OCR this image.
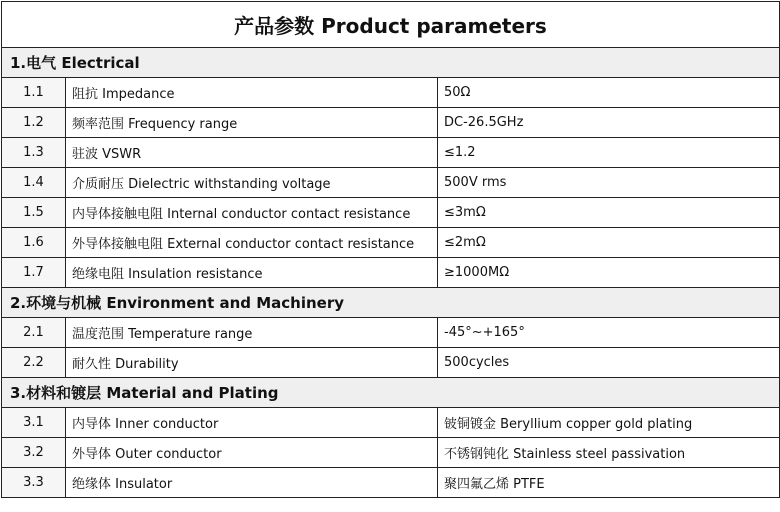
产品参数 Product parameters		
1.电气 Electrical		
1.1	阻抗 Impedance	50Ω
1.2	频率范围 Frequency range	DC-26.5GHz
1.3	驻波 VSWR	≤1.2
1.4	介质耐压 Dielectric withstanding voltage	500V rms
1.5	内导体接触电阻 Internal conductor contact resistance	≤3mΩ
1.6	外导体接触电阻 External conductor contact resistance	≤2mΩ
1.7	绝缘电阻 Insulation resistance	≥1000MΩ
2.环境与机械 Environment and Machinery		
2.1	温度范围 Temperature range	-45°~+165°
2.2	耐久性 Durability	500cycles
3.材料和镀层 Material and Plating		
3.1	内导体 Inner conductor	铍铜镀金 Beryllium copper gold plating
3.2	外导体 Outer conductor	不锈钢钝化 Stainless steel passivation
3.3	绝缘体 Insulator	聚四氟乙烯 PTFE
